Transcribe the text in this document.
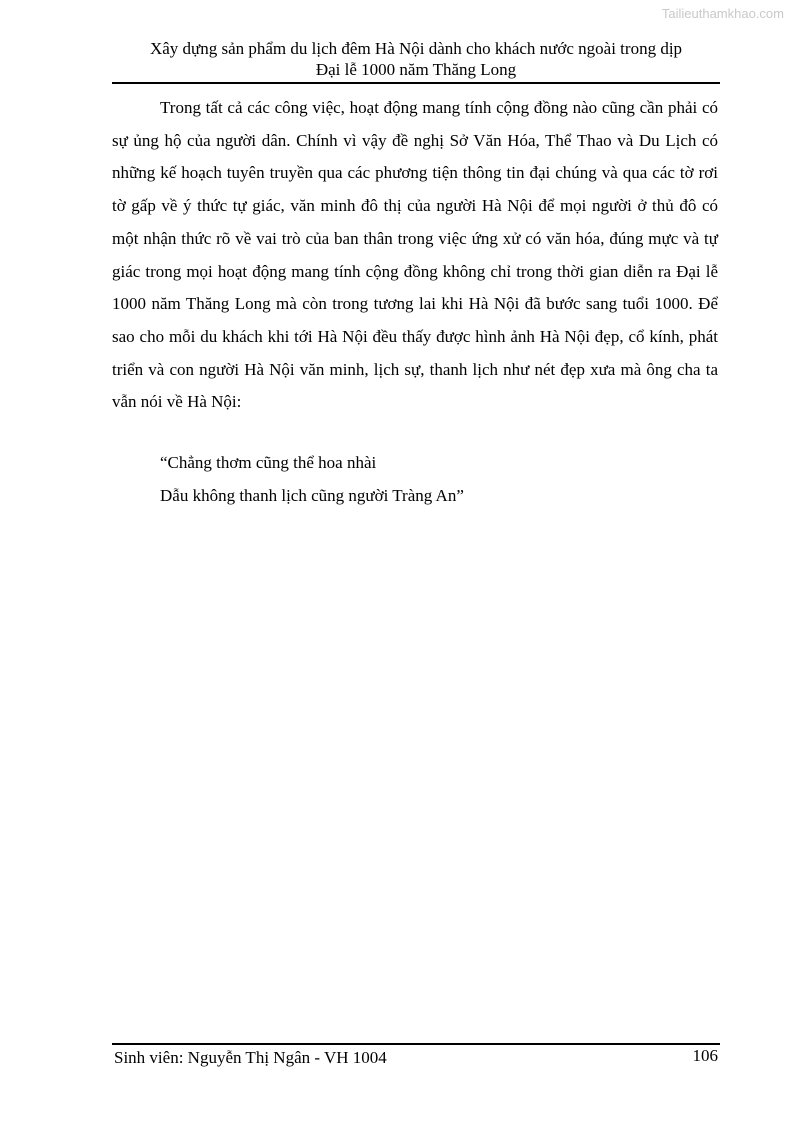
Tailieuthamkhao.com
Xây dựng sản phẩm du lịch đêm Hà Nội dành cho khách nước ngoài trong dịp
Đại lễ 1000 năm Thăng Long

Trong tất cả các công việc, hoạt động mang tính cộng đồng nào cũng cần phải có sự ủng hộ của người dân. Chính vì vậy đề nghị Sở Văn Hóa, Thể Thao và Du Lịch có những kế hoạch tuyên truyền qua các phương tiện thông tin đại chúng và qua các tờ rơi tờ gấp về ý thức tự giác, văn minh đô thị của người Hà Nội để mọi người ở thủ đô có một nhận thức rõ về vai trò của ban thân trong việc ứng xử có văn hóa, đúng mực và tự giác trong mọi hoạt động mang tính cộng đồng không chỉ trong thời gian diễn ra Đại lễ 1000 năm Thăng Long mà còn trong tương lai khi Hà Nội đã bước sang tuổi 1000. Để sao cho mỗi du khách khi tới Hà Nội đều thấy được hình ảnh Hà Nội đẹp, cổ kính, phát triển và con người Hà Nội văn minh, lịch sự, thanh lịch như nét đẹp xưa mà ông cha ta vẫn nói về Hà Nội:

“Chẳng thơm cũng thể hoa nhài
Dẫu không thanh lịch cũng người Tràng An”
Sinh viên: Nguyễn Thị Ngân - VH 1004	106
